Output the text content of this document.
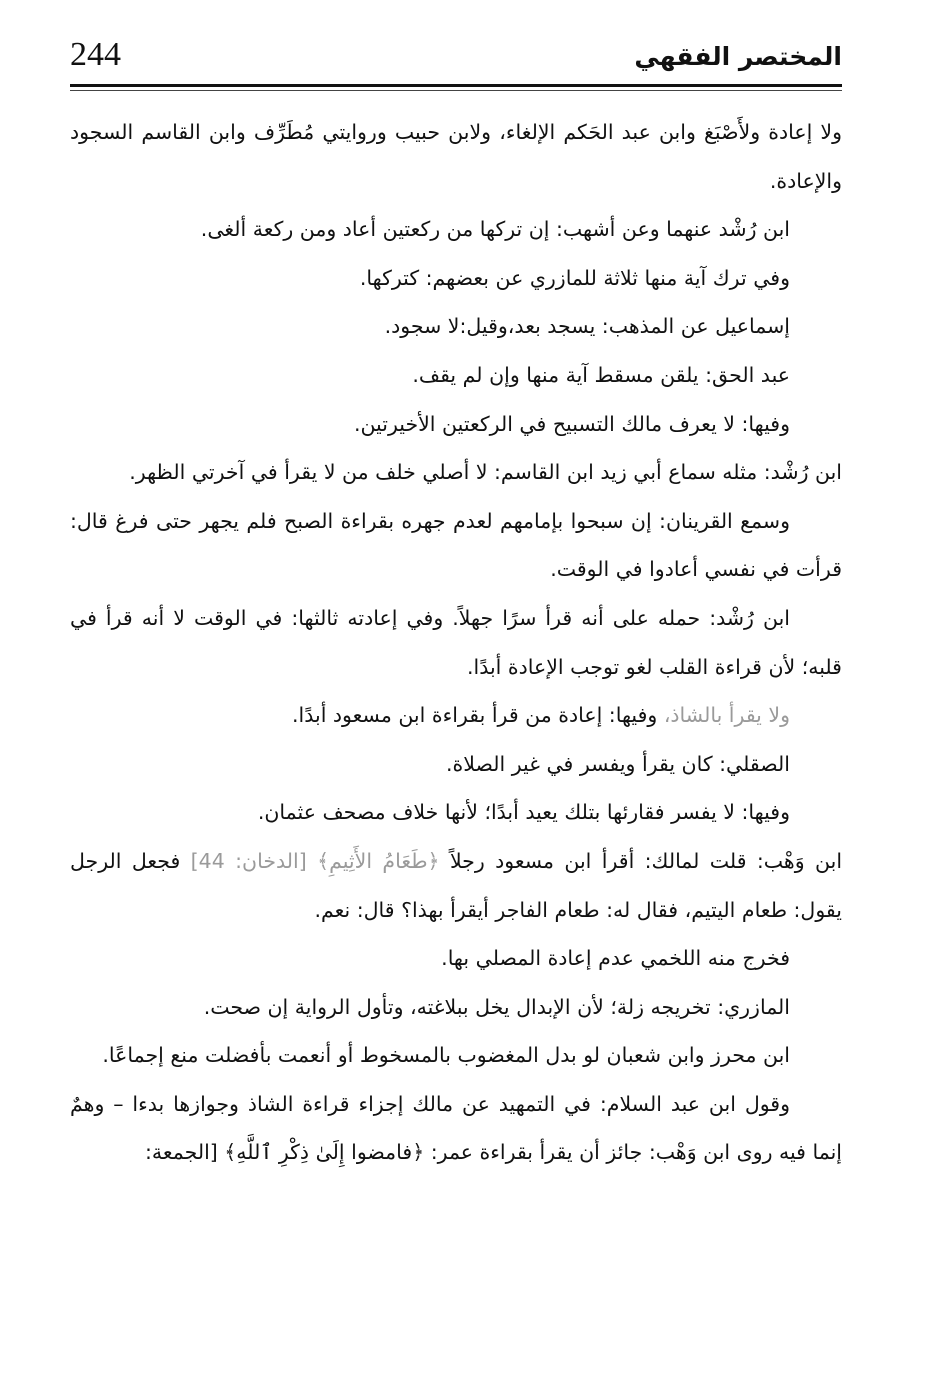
244	المختصر الفقهي

ولا إعادة ولأَصْبَغ وابن عبد الحَكم الإلغاء، ولابن حبيب وروايتي مُطَرِّف وابن القاسم السجود والإعادة.

ابن رُشْد عنهما وعن أشهب: إن تركها من ركعتين أعاد ومن ركعة ألغى.

وفي ترك آية منها ثلاثة للمازري عن بعضهم: كتركها.

إسماعيل عن المذهب: يسجد بعد،وقيل:لا سجود.

عبد الحق: يلقن مسقط آية منها وإن لم يقف.

وفيها: لا يعرف مالك التسبيح في الركعتين الأخيرتين.

ابن رُشْد: مثله سماع أبي زيد ابن القاسم: لا أصلي خلف من لا يقرأ في آخرتي الظهر.

وسمع القرينان: إن سبحوا بإمامهم لعدم جهره بقراءة الصبح فلم يجهر حتى فرغ قال: قرأت في نفسي أعادوا في الوقت.

ابن رُشْد: حمله على أنه قرأ سرًا جهلاً. وفي إعادته ثالثها: في الوقت لا أنه قرأ في قلبه؛ لأن قراءة القلب لغو توجب الإعادة أبدًا.

ولا يقرأ بالشاذ، وفيها: إعادة من قرأ بقراءة ابن مسعود أبدًا.

الصقلي: كان يقرأ ويفسر في غير الصلاة.

وفيها: لا يفسر فقارئها بتلك يعيد أبدًا؛ لأنها خلاف مصحف عثمان.

ابن وَهْب: قلت لمالك: أقرأ ابن مسعود رجلاً ﴿طَعَامُ الأَثِيمِ﴾ [الدخان: 44] فجعل الرجل يقول: طعام اليتيم، فقال له: طعام الفاجر أيقرأ بهذا؟ قال: نعم.

فخرج منه اللخمي عدم إعادة المصلي بها.

المازري: تخريجه زلة؛ لأن الإبدال يخل ببلاغته، وتأول الرواية إن صحت.

ابن محرز وابن شعبان لو بدل المغضوب بالمسخوط أو أنعمت بأفضلت منع إجماعًا.

وقول ابن عبد السلام: في التمهيد عن مالك إجزاء قراءة الشاذ وجوازها بدءا – وهمٌ إنما فيه روى ابن وَهْب: جائز أن يقرأ بقراءة عمر: ﴿فامضوا إِلَىٰ ذِكْرِ ٱللَّهِ﴾ [الجمعة:
